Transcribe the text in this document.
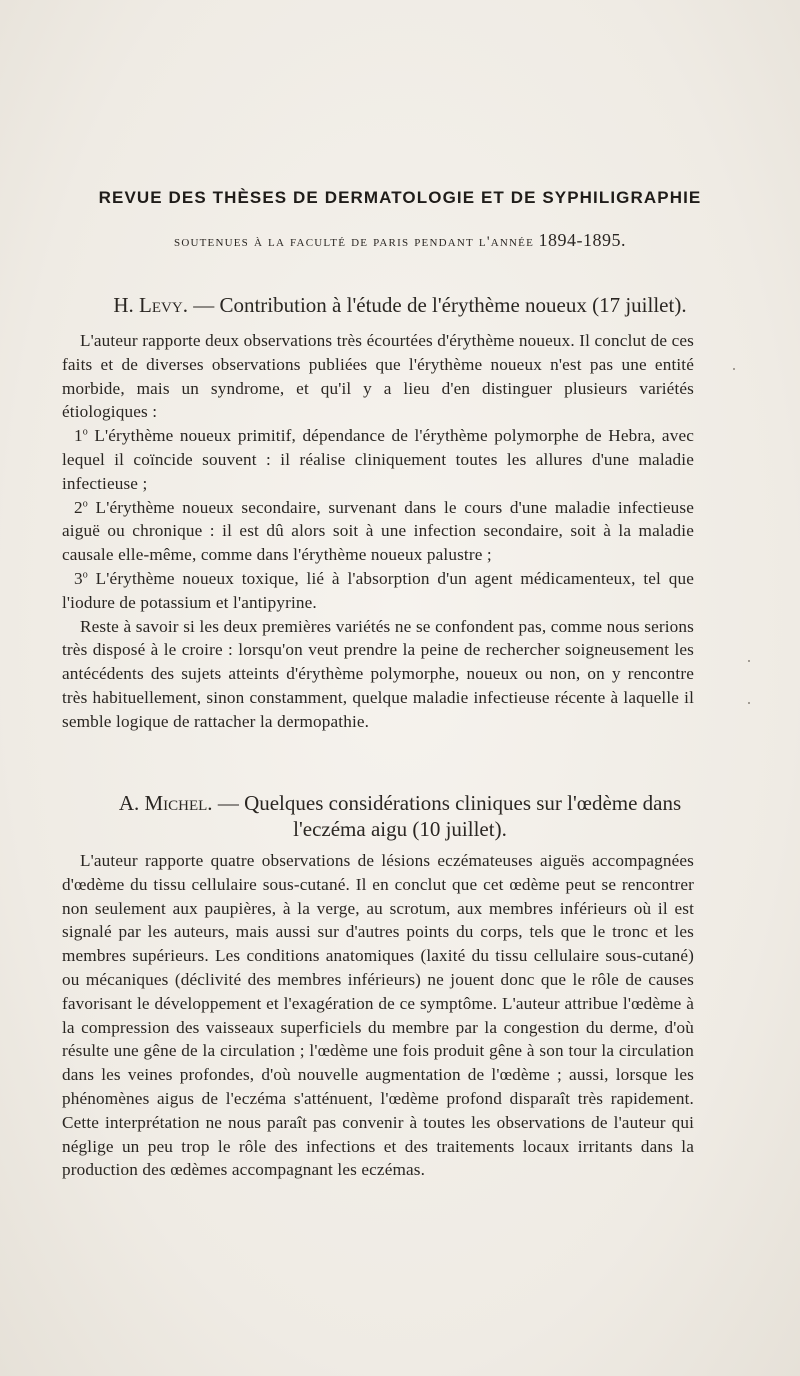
REVUE DES THÈSES DE DERMATOLOGIE ET DE SYPHILIGRAPHIE

soutenues à la faculté de paris pendant l'année 1894-1895.

H. Levy. — Contribution à l'étude de l'érythème noueux (17 juillet).

L'auteur rapporte deux observations très écourtées d'érythème noueux. Il conclut de ces faits et de diverses observations publiées que l'érythème noueux n'est pas une entité morbide, mais un syndrome, et qu'il y a lieu d'en distinguer plusieurs variétés étiologiques :

1$^o$ L'érythème noueux primitif, dépendance de l'érythème polymorphe de Hebra, avec lequel il coïncide souvent : il réalise cliniquement toutes les allures d'une maladie infectieuse ;

2$^o$ L'érythème noueux secondaire, survenant dans le cours d'une maladie infectieuse aiguë ou chronique : il est dû alors soit à une infection secondaire, soit à la maladie causale elle-même, comme dans l'érythème noueux palustre ;

3$^o$ L'érythème noueux toxique, lié à l'absorption d'un agent médicamenteux, tel que l'iodure de potassium et l'antipyrine.

Reste à savoir si les deux premières variétés ne se confondent pas, comme nous serions très disposé à le croire : lorsqu'on veut prendre la peine de rechercher soigneusement les antécédents des sujets atteints d'érythème polymorphe, noueux ou non, on y rencontre très habituellement, sinon constamment, quelque maladie infectieuse récente à laquelle il semble logique de rattacher la dermopathie.

A. Michel. — Quelques considérations cliniques sur l'œdème dans l'eczéma aigu (10 juillet).

L'auteur rapporte quatre observations de lésions eczémateuses aiguës accompagnées d'œdème du tissu cellulaire sous-cutané. Il en conclut que cet œdème peut se rencontrer non seulement aux paupières, à la verge, au scrotum, aux membres inférieurs où il est signalé par les auteurs, mais aussi sur d'autres points du corps, tels que le tronc et les membres supérieurs. Les conditions anatomiques (laxité du tissu cellulaire sous-cutané) ou mécaniques (déclivité des membres inférieurs) ne jouent donc que le rôle de causes favorisant le développement et l'exagération de ce symptôme. L'auteur attribue l'œdème à la compression des vaisseaux superficiels du membre par la congestion du derme, d'où résulte une gêne de la circulation ; l'œdème une fois produit gêne à son tour la circulation dans les veines profondes, d'où nouvelle augmentation de l'œdème ; aussi, lorsque les phénomènes aigus de l'eczéma s'atténuent, l'œdème profond disparaît très rapidement. Cette interprétation ne nous paraît pas convenir à toutes les observations de l'auteur qui néglige un peu trop le rôle des infections et des traitements locaux irritants dans la production des œdèmes accompagnant les eczémas.
